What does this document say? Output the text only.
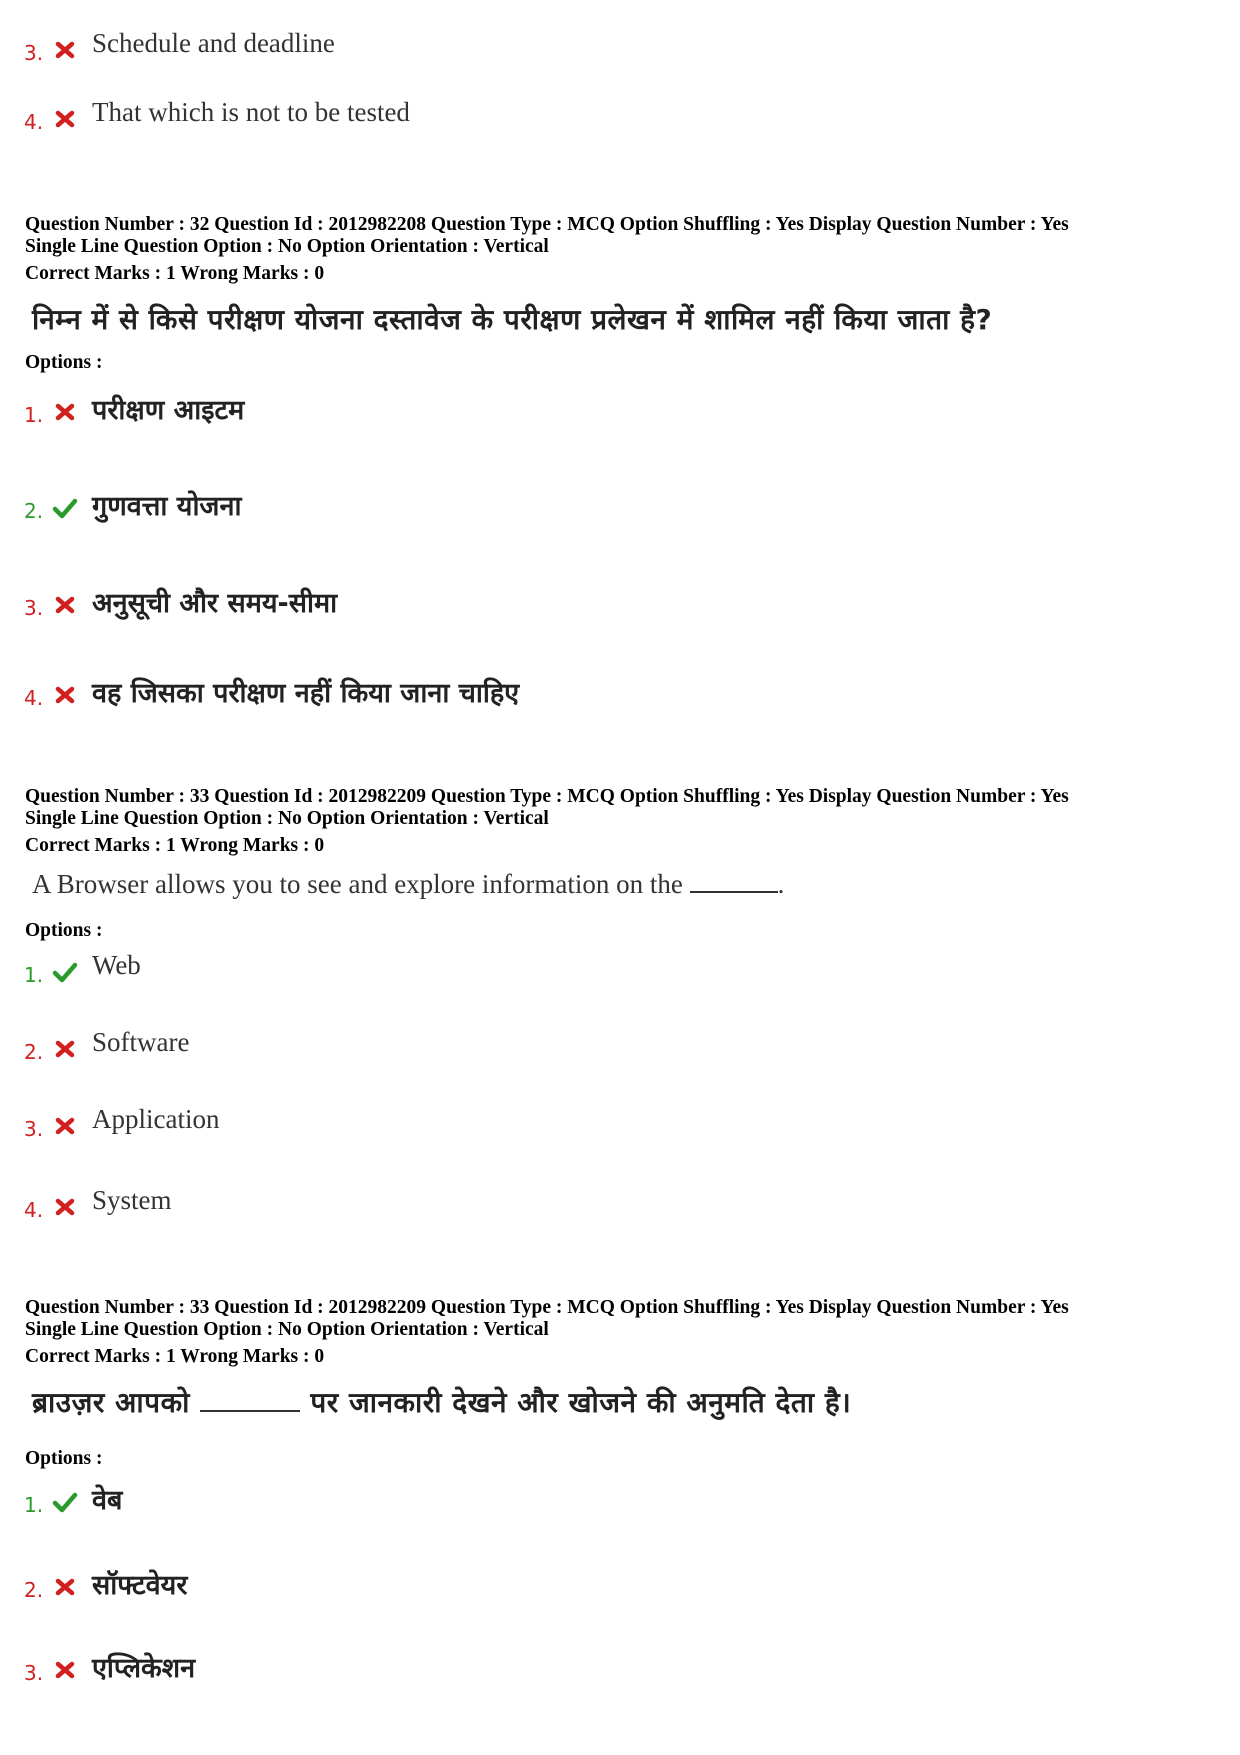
3. Schedule and deadline
4. That which is not to be tested
Question Number : 32 Question Id : 2012982208 Question Type : MCQ Option Shuffling : Yes Display Question Number : Yes
Single Line Question Option : No Option Orientation : Vertical
Correct Marks : 1 Wrong Marks : 0
निम्न में से किसे परीक्षण योजना दस्तावेज के परीक्षण प्रलेखन में शामिल नहीं किया जाता है?
Options :
1. परीक्षण आइटम
2. गुणवत्ता योजना
3. अनुसूची और समय-सीमा
4. वह जिसका परीक्षण नहीं किया जाना चाहिए
Question Number : 33 Question Id : 2012982209 Question Type : MCQ Option Shuffling : Yes Display Question Number : Yes
Single Line Question Option : No Option Orientation : Vertical
Correct Marks : 1 Wrong Marks : 0
A Browser allows you to see and explore information on the	.
Options :
1. Web
2. Software
3. Application
4. System
Question Number : 33 Question Id : 2012982209 Question Type : MCQ Option Shuffling : Yes Display Question Number : Yes
Single Line Question Option : No Option Orientation : Vertical
Correct Marks : 1 Wrong Marks : 0
ब्राउज़र आपको	पर जानकारी देखने और खोजने की अनुमति देता है।
Options :
1. वेब
2. सॉफ्टवेयर
3. एप्लिकेशन
